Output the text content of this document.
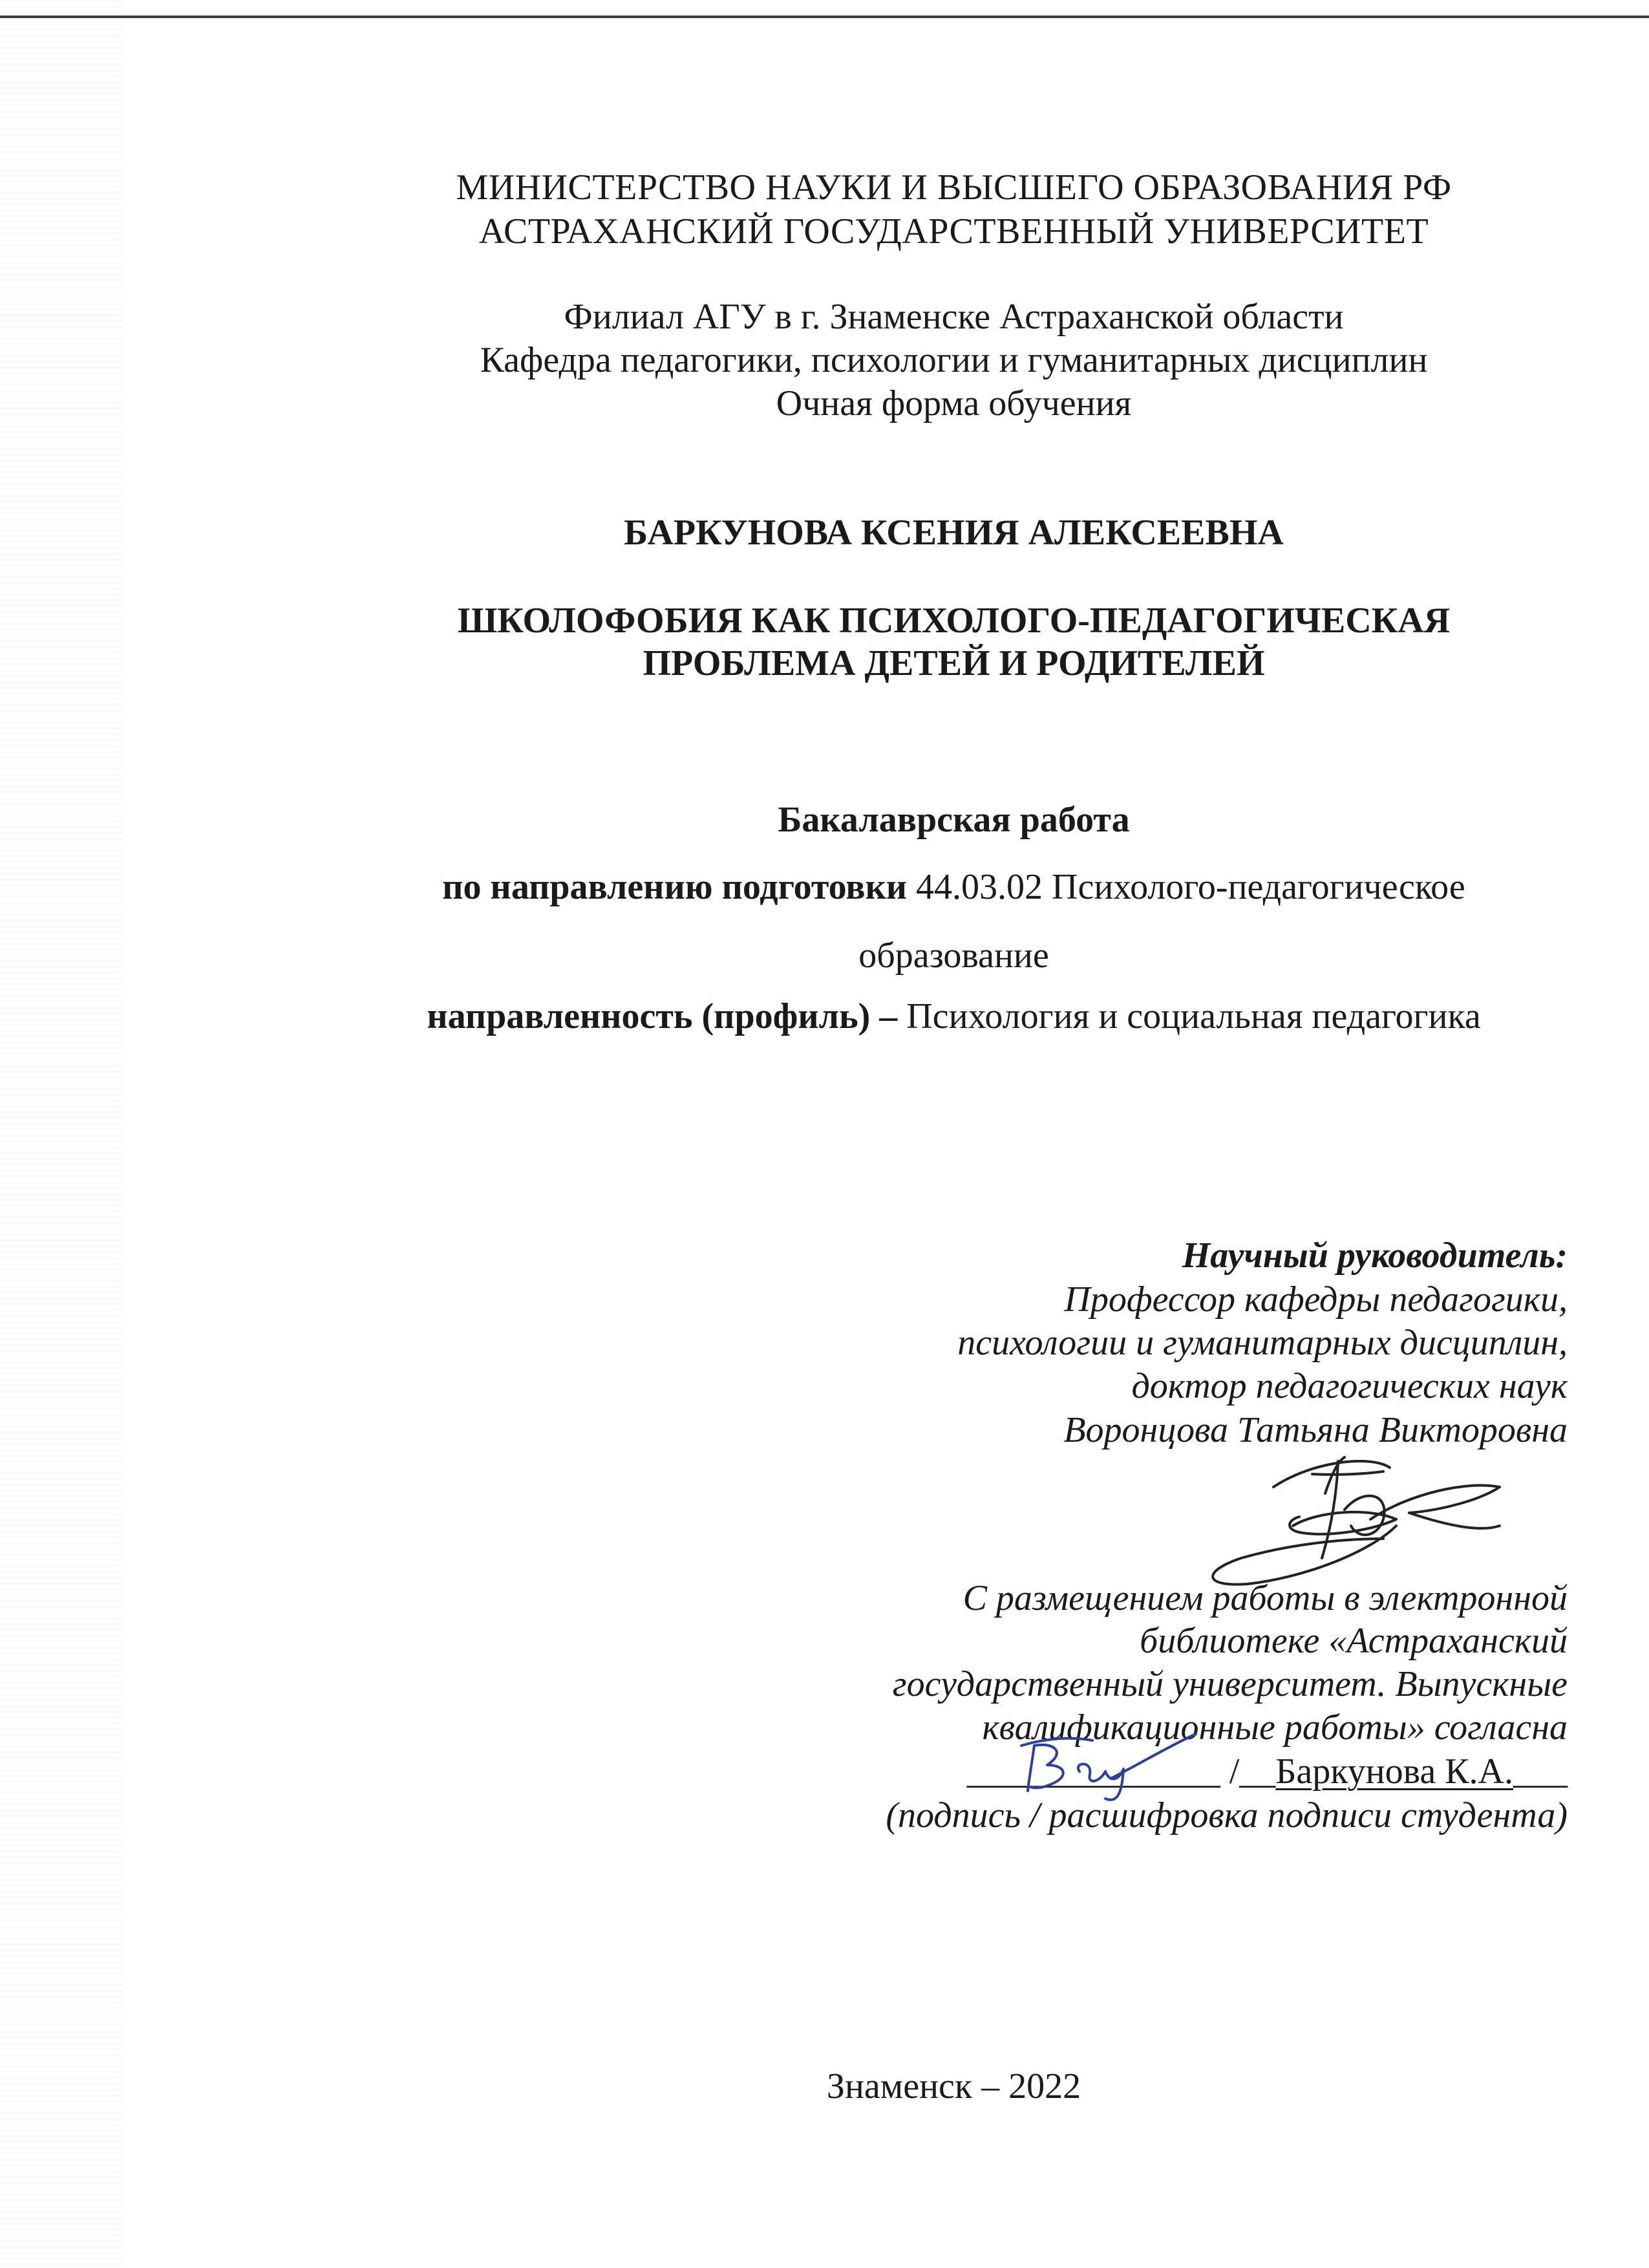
МИНИСТЕРСТВО НАУКИ И ВЫСШЕГО ОБРАЗОВАНИЯ РФ
АСТРАХАНСКИЙ ГОСУДАРСТВЕННЫЙ УНИВЕРСИТЕТ
Филиал АГУ в г. Знаменске Астраханской области
Кафедра педагогики, психологии и гуманитарных дисциплин
Очная форма обучения
БАРКУНОВА КСЕНИЯ АЛЕКСЕЕВНА
ШКОЛОФОБИЯ КАК ПСИХОЛОГО-ПЕДАГОГИЧЕСКАЯ
ПРОБЛЕМА ДЕТЕЙ И РОДИТЕЛЕЙ
Бакалаврская работа
по направлению подготовки 44.03.02 Психолого-педагогическое
образование
направленность (профиль) – Психология и социальная педагогика
Научный руководитель:
Профессор кафедры педагогики,
психологии и гуманитарных дисциплин,
доктор педагогических наук
Воронцова Татьяна Викторовна
С размещением работы в электронной
библиотеке «Астраханский
государственный университет. Выпускные
квалификационные работы» согласна
______________ /__Баркунова К.А.___
(подпись / расшифровка подписи студента)
Знаменск – 2022
